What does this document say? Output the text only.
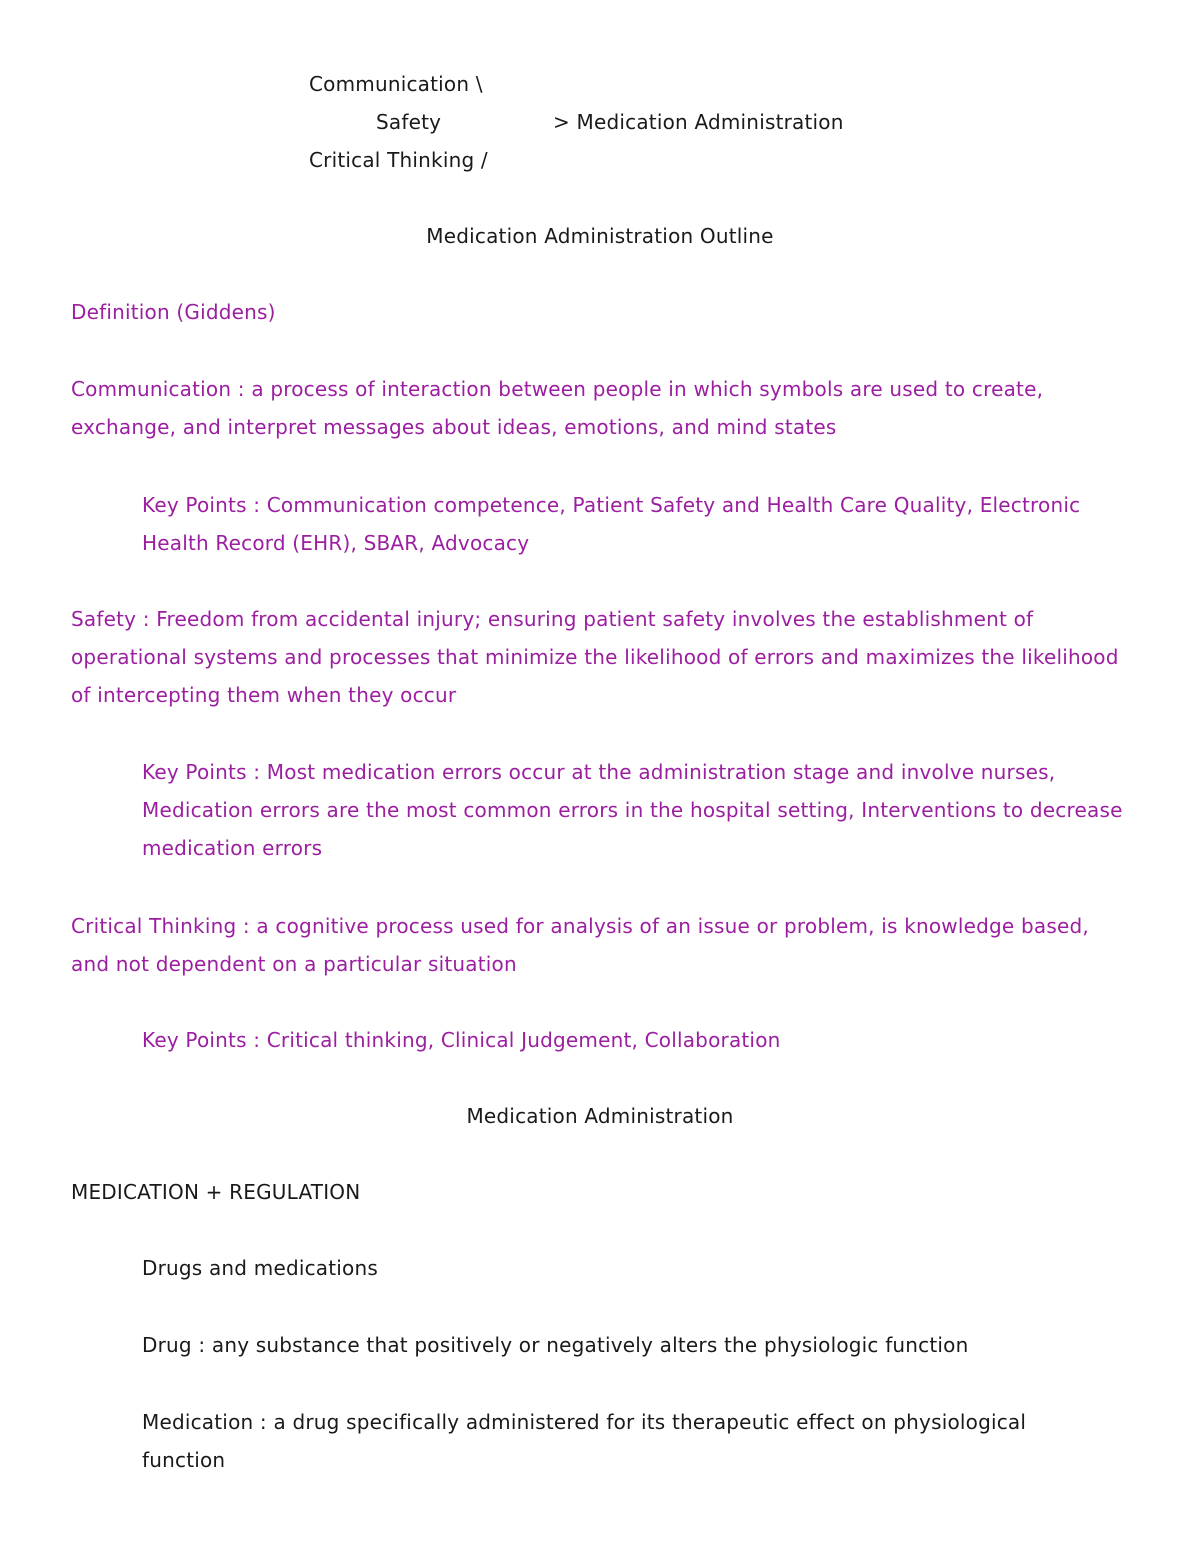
Communication \
Safety	> Medication Administration
Critical Thinking /
Medication Administration Outline
Definition (Giddens)
Communication : a process of interaction between people in which symbols are used to create, exchange, and interpret messages about ideas, emotions, and mind states
Key Points : Communication competence, Patient Safety and Health Care Quality, Electronic Health Record (EHR), SBAR, Advocacy
Safety : Freedom from accidental injury; ensuring patient safety involves the establishment of operational systems and processes that minimize the likelihood of errors and maximizes the likelihood of intercepting them when they occur
Key Points : Most medication errors occur at the administration stage and involve nurses, Medication errors are the most common errors in the hospital setting, Interventions to decrease medication errors
Critical Thinking : a cognitive process used for analysis of an issue or problem, is knowledge based, and not dependent on a particular situation
Key Points : Critical thinking, Clinical Judgement, Collaboration
Medication Administration
MEDICATION + REGULATION
Drugs and medications
Drug : any substance that positively or negatively alters the physiologic function
Medication : a drug specifically administered for its therapeutic effect on physiological function
